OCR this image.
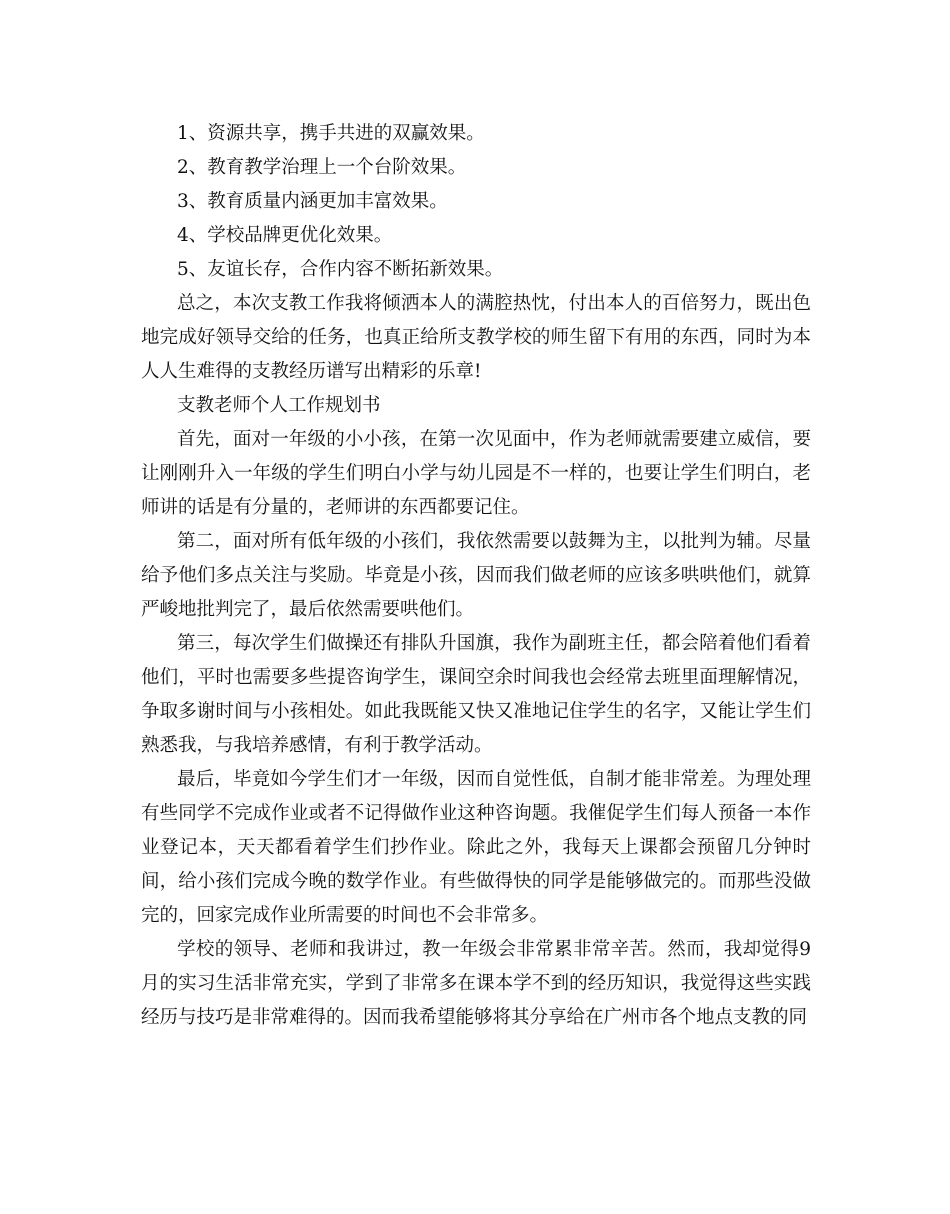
1、资源共享，携手共进的双赢效果。

2、教育教学治理上一个台阶效果。

3、教育质量内涵更加丰富效果。

4、学校品牌更优化效果。

5、友谊长存，合作内容不断拓新效果。

总之，本次支教工作我将倾洒本人的满腔热忱，付出本人的百倍努力，既出色地完成好领导交给的任务，也真正给所支教学校的师生留下有用的东西，同时为本人人生难得的支教经历谱写出精彩的乐章!

支教老师个人工作规划书

首先，面对一年级的小小孩，在第一次见面中，作为老师就需要建立威信，要让刚刚升入一年级的学生们明白小学与幼儿园是不一样的，也要让学生们明白，老师讲的话是有分量的，老师讲的东西都要记住。

第二，面对所有低年级的小孩们，我依然需要以鼓舞为主，以批判为辅。尽量给予他们多点关注与奖励。毕竟是小孩，因而我们做老师的应该多哄哄他们，就算严峻地批判完了，最后依然需要哄他们。

第三，每次学生们做操还有排队升国旗，我作为副班主任，都会陪着他们看着他们，平时也需要多些提咨询学生，课间空余时间我也会经常去班里面理解情况，争取多谢时间与小孩相处。如此我既能又快又准地记住学生的名字，又能让学生们熟悉我，与我培养感情，有利于教学活动。

最后，毕竟如今学生们才一年级，因而自觉性低，自制才能非常差。为理处理有些同学不完成作业或者不记得做作业这种咨询题。我催促学生们每人预备一本作业登记本，天天都看着学生们抄作业。除此之外，我每天上课都会预留几分钟时间，给小孩们完成今晚的数学作业。有些做得快的同学是能够做完的。而那些没做完的，回家完成作业所需要的时间也不会非常多。

学校的领导、老师和我讲过，教一年级会非常累非常辛苦。然而，我却觉得9月的实习生活非常充实，学到了非常多在课本学不到的经历知识，我觉得这些实践经历与技巧是非常难得的。因而我希望能够将其分享给在广州市各个地点支教的同
